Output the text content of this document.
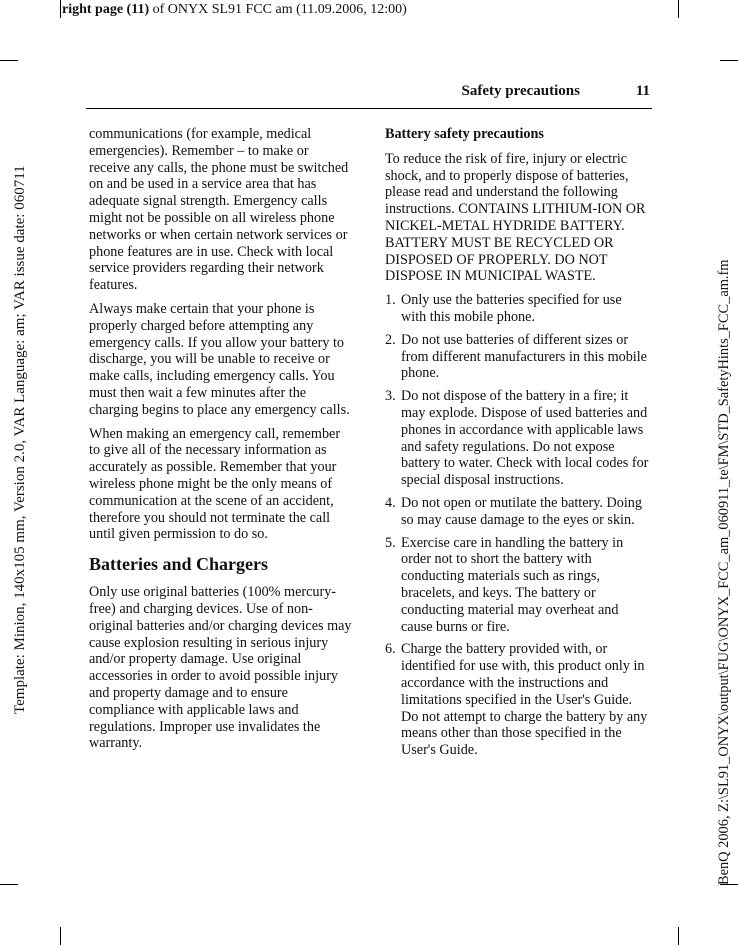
right page (11) of ONYX SL91 FCC am (11.09.2006, 12:00)
Template: Minion, 140x105 mm, Version 2.0, VAR Language: am; VAR issue date: 060711	BenQ 2006, Z:\SL91_ONYX\output\FUG\ONYX_FCC_am_060911_te\FM\STD_SafetyHints_FCC_am.fm
Safety precautions	11

communications (for example, medical emergencies). Remember – to make or receive any calls, the phone must be switched on and be used in a service area that has adequate signal strength. Emergency calls might not be possible on all wireless phone networks or when certain network services or phone features are in use. Check with local service providers regarding their network features.

Always make certain that your phone is properly charged before attempting any emergency calls. If you allow your battery to discharge, you will be unable to receive or make calls, including emergency calls. You must then wait a few minutes after the charging begins to place any emergency calls.

When making an emergency call, remember to give all of the necessary information as accurately as possible. Remember that your wireless phone might be the only means of communication at the scene of an accident, therefore you should not terminate the call until given permission to do so.

Batteries and Chargers

Only use original batteries (100% mercury-free) and charging devices. Use of non-original batteries and/or charging devices may cause explosion resulting in serious injury and/or property damage. Use original accessories in order to avoid possible injury and property damage and to ensure compliance with applicable laws and regulations. Improper use invalidates the warranty.

Battery safety precautions

To reduce the risk of fire, injury or electric shock, and to properly dispose of batteries, please read and understand the following instructions. CONTAINS LITHIUM-ION OR NICKEL-METAL HYDRIDE BATTERY. BATTERY MUST BE RECYCLED OR DISPOSED OF PROPERLY. DO NOT DISPOSE IN MUNICIPAL WASTE.

1. Only use the batteries specified for use with this mobile phone.
2. Do not use batteries of different sizes or from different manufacturers in this mobile phone.
3. Do not dispose of the battery in a fire; it may explode. Dispose of used batteries and phones in accordance with applicable laws and safety regulations. Do not expose battery to water. Check with local codes for special disposal instructions.
4. Do not open or mutilate the battery. Doing so may cause damage to the eyes or skin.
5. Exercise care in handling the battery in order not to short the battery with conducting materials such as rings, bracelets, and keys. The battery or conducting material may overheat and cause burns or fire.
6. Charge the battery provided with, or identified for use with, this product only in accordance with the instructions and limitations specified in the User's Guide. Do not attempt to charge the battery by any means other than those specified in the User's Guide.
